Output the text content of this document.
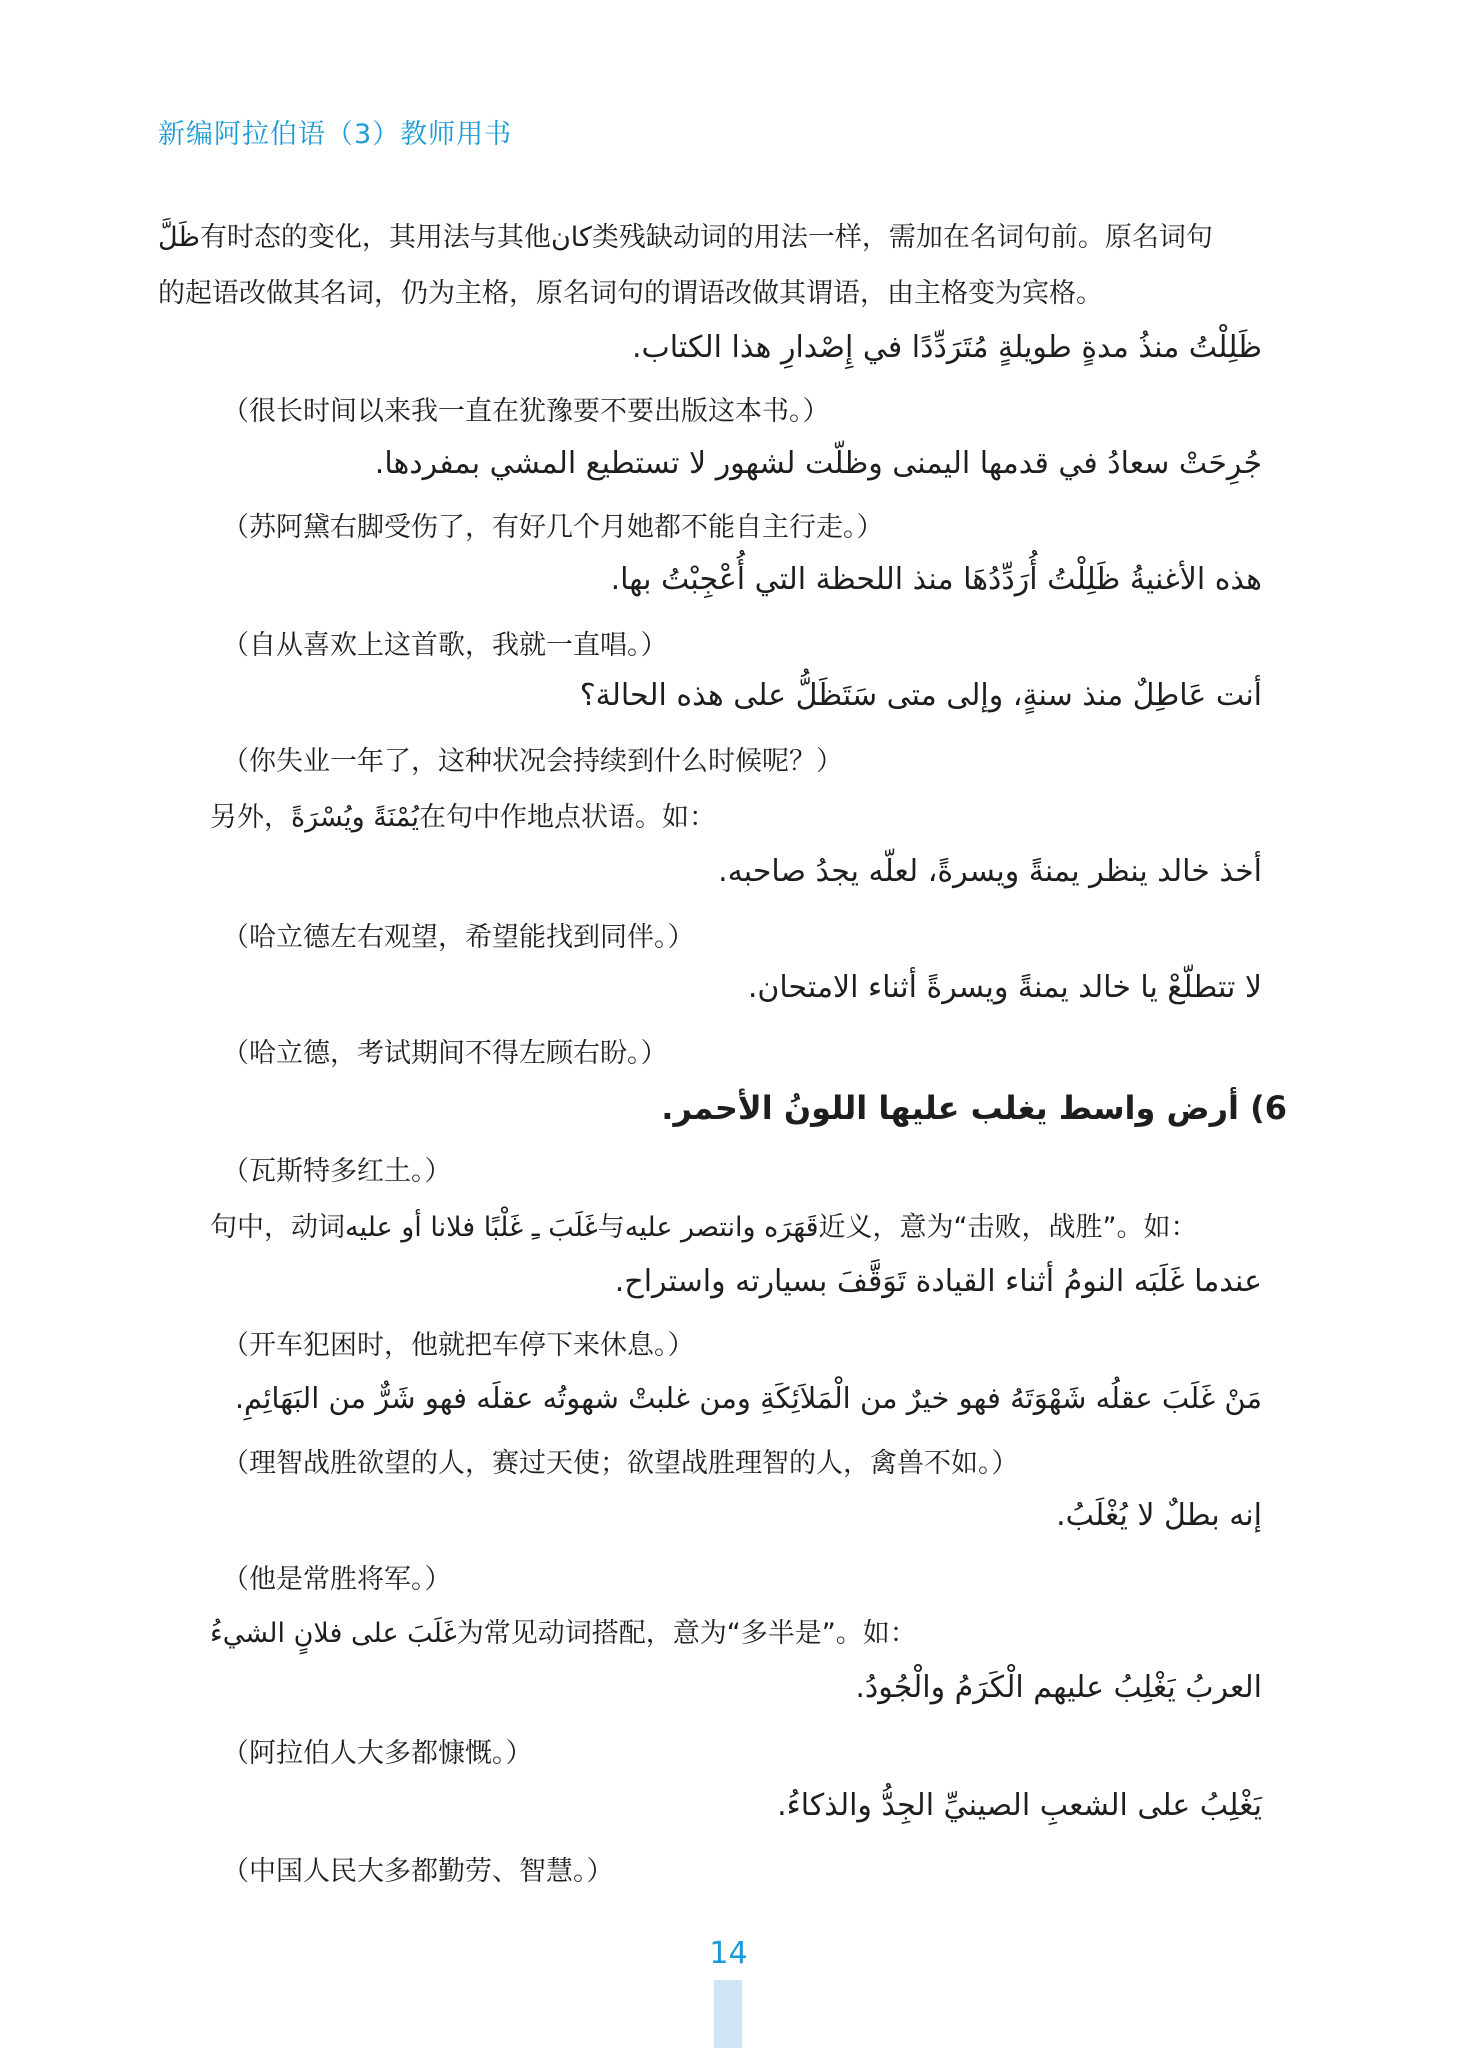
新编阿拉伯语（3）教师用书
ظَلَّ有时态的变化，其用法与其他كان类残缺动词的用法一样，需加在名词句前。原名词句
的起语改做其名词，仍为主格，原名词句的谓语改做其谓语，由主格变为宾格。
ظَلِلْتُ منذُ مدةٍ طويلةٍ مُتَرَدِّدًا في إِصْدارِ هذا الكتاب.
（很长时间以来我一直在犹豫要不要出版这本书。）
جُرِحَتْ سعادُ في قدمها اليمنى وظلّت لشهور لا تستطيع المشي بمفردها.
（苏阿黛右脚受伤了，有好几个月她都不能自主行走。）
هذه الأغنيةُ ظَلِلْتُ أُرَدِّدُهَا منذ اللحظة التي أُعْجِبْتُ بها.
（自从喜欢上这首歌，我就一直唱。）
أنت عَاطِلٌ منذ سنةٍ، وإلى متى سَتَظَلُّ على هذه الحالة؟
（你失业一年了，这种状况会持续到什么时候呢？）
另外，يُمْنَةً ويُسْرَةً在句中作地点状语。如：
أخذ خالد ينظر يمنةً ويسرةً، لعلّه يجدُ صاحبه.
（哈立德左右观望，希望能找到同伴。）
لا تتطلّعْ يا خالد يمنةً ويسرةً أثناء الامتحان.
（哈立德，考试期间不得左顾右盼。）
6) أرض واسط يغلب عليها اللونُ الأحمر.
（瓦斯特多红土。）
句中，动词غَلَبَ ـِ غَلْبًا فلانا أو عليه与قَهَرَه وانتصر عليه近义，意为“击败，战胜”。如：
عندما غَلَبَه النومُ أثناء القيادة تَوَقَّفَ بسيارته واستراح.
（开车犯困时，他就把车停下来休息。）
مَنْ غَلَبَ عقلُه شَهْوَتَهُ فهو خيرٌ من الْمَلاَئِكَةِ ومن غلبتْ شهوتُه عقلَه فهو شَرٌّ من البَهَائِمِ.
（理智战胜欲望的人，赛过天使；欲望战胜理智的人，禽兽不如。）
إنه بطلٌ لا يُغْلَبُ.
（他是常胜将军。）
غَلَبَ على فلانٍ الشيءُ为常见动词搭配，意为“多半是”。如：
العربُ يَغْلِبُ عليهم الْكَرَمُ والْجُودُ.
（阿拉伯人大多都慷慨。）
يَغْلِبُ على الشعبِ الصينيِّ الجِدُّ والذكاءُ.
（中国人民大多都勤劳、智慧。）
14
